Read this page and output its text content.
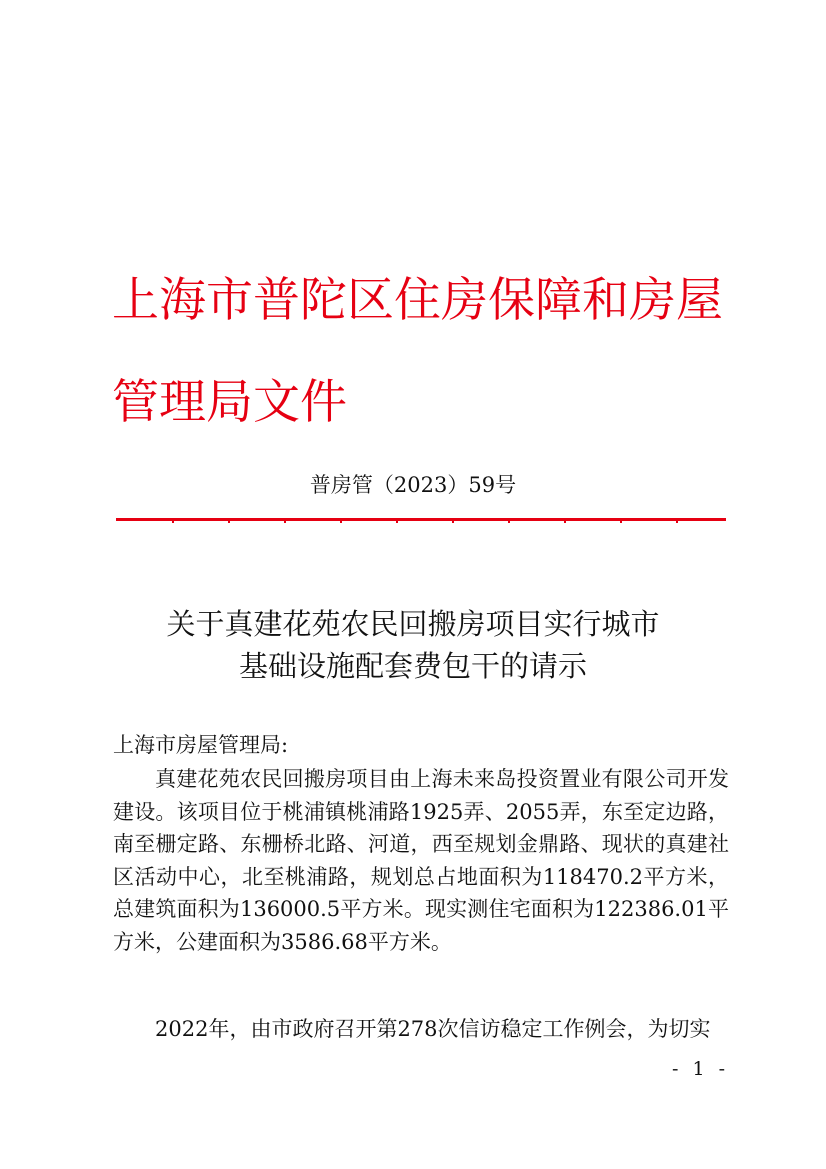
上海市普陀区住房保障和房屋管理局文件
普房管（2023）59号
关于真建花苑农民回搬房项目实行城市
基础设施配套费包干的请示
上海市房屋管理局:

真建花苑农民回搬房项目由上海未来岛投资置业有限公司开发建设。该项目位于桃浦镇桃浦路1925弄、2055弄，东至定边路，南至栅定路、东栅桥北路、河道，西至规划金鼎路、现状的真建社区活动中心，北至桃浦路，规划总占地面积为118470.2平方米，总建筑面积为136000.5平方米。现实测住宅面积为122386.01平方米，公建面积为3586.68平方米。

2022年，由市政府召开第278次信访稳定工作例会，为切实

- 1 -
